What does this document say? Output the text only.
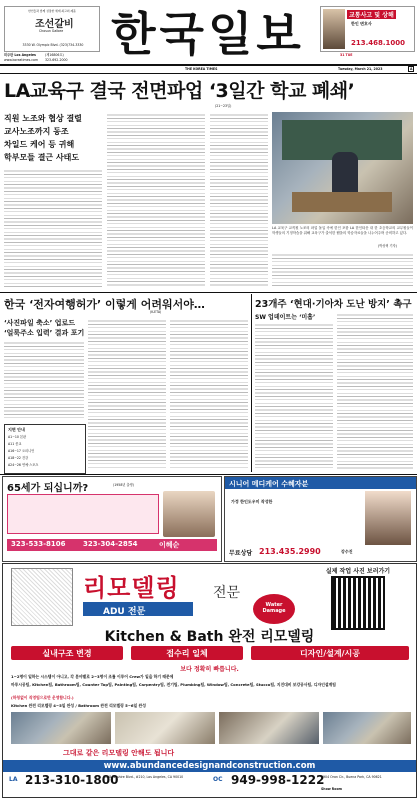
한인들과 함께 성장한 세계 최고의 제품
조선갈비
Chosun Galbee
3330 W. Olympic Blvd. (323)734-3330 한국일보	교통사고 및 상해
한인 변호사
213.468.1000
미주판 Los Angeles	(제16806호)
www.koreatimes.com 323-692-2000
31 TUE
THE KOREA TIMES	Tuesday, March 21, 2023	A
LA교육구 결국 전면파업 ‘3일간 학교 폐쇄’
(21~23일)
직원 노조와 협상 결렬
교사노조까지 동조
차일드 케어 등 귀해
학부모들 결근 사태도
LA 교육구 교직원 노조의 파업 돌입 속에 한인 포함 LA 한인타운 내 한 초등학교의 교무원들이 학생들의 기정학습을 위해 교육구가 출석한 웹을의 학습자료들을 나누어주며 준비하고 있다.
(박상혁 기자)
한국 ‘전자여행허가’ 이렇게 어려워서야…
(K-ETA)
‘사진파일 축소’ 업로드
‘얼룩주소 입력’ 결과 포기
지면 안내
A1~10 본판
A11 종교
A16~17 오피니언
A18~22 건강
A24~26 연예·스포츠
23개주 ‘현대·기아차 도난 방지’ 촉구
SW 업데이트는 ‘미흡’
65세가 되십니까?	(1958년 출생)
323-533-8106 323-304-2854	이혜순
시니어 메디케어 수혜자분
가정 한인도우미 작성한
무료상담 213.435.2990	강수진
리모델링 전문
ADU 전문
실제 작업 사진 보러가기
Water Damage
Kitchen & Bath 완전 리모델링
실내구조 변경	접수리 일체	디자인/설계/시공
보다 정확히 빠릅니다.
1~2명이 일하는 시스템이 아니고, 각 분야별로 2~3명이 조를 이루어 Crew가 일을 하기 때문에
마루시공팀, Kitchen팀, Bathroom팀, Counter Top팀, Painting팀, Carpentry팀, 전기팀, Plumbing팀, Window팀, Concrete팀, Stucco팀, 지진대비 보강공사팀, 디자인설계팀
(하청없이 직영팀으로만 운영합니다.)
Kitchen 완전 리모델링 4~5일 완성 / Bathroom 완전 리모델링 5~6일 완성
그대로 같은 리모델링 안해도 됩니다
www.abundancedesignandconstruction.com
LA 213-310-1800
3008 Wilshire Blvd., #210, Los Angeles, CA 90010	OC 949-998-1222
Show Room
6904 Oran Cir., Buena Park, CA 90621
